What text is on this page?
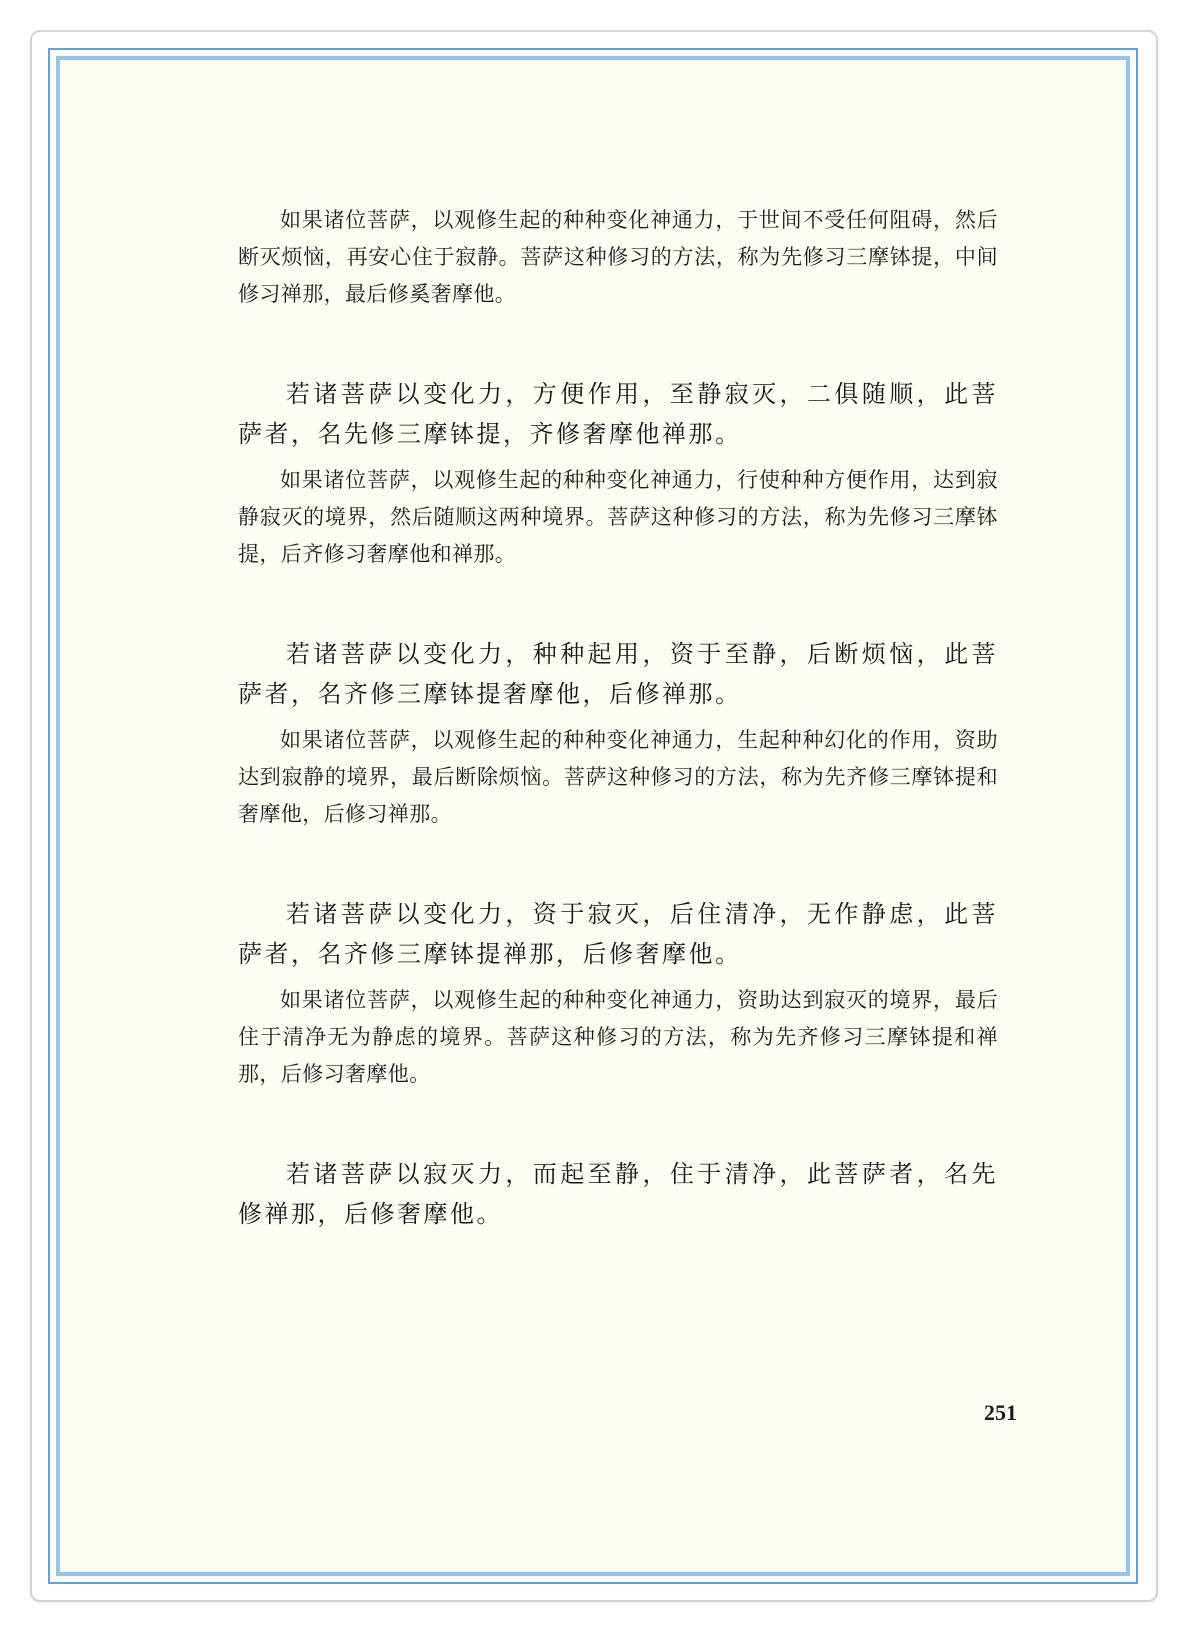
如果诸位菩萨，以观修生起的种种变化神通力，于世间不受任何阻碍，然后断灭烦恼，再安心住于寂静。菩萨这种修习的方法，称为先修习三摩钵提，中间修习禅那，最后修奚奢摩他。

若诸菩萨以变化力，方便作用，至静寂灭，二俱随顺，此菩萨者，名先修三摩钵提，齐修奢摩他禅那。

如果诸位菩萨，以观修生起的种种变化神通力，行使种种方便作用，达到寂静寂灭的境界，然后随顺这两种境界。菩萨这种修习的方法，称为先修习三摩钵提，后齐修习奢摩他和禅那。

若诸菩萨以变化力，种种起用，资于至静，后断烦恼，此菩萨者，名齐修三摩钵提奢摩他，后修禅那。

如果诸位菩萨，以观修生起的种种变化神通力，生起种种幻化的作用，资助达到寂静的境界，最后断除烦恼。菩萨这种修习的方法，称为先齐修三摩钵提和奢摩他，后修习禅那。

若诸菩萨以变化力，资于寂灭，后住清净，无作静虑，此菩萨者，名齐修三摩钵提禅那，后修奢摩他。

如果诸位菩萨，以观修生起的种种变化神通力，资助达到寂灭的境界，最后住于清净无为静虑的境界。菩萨这种修习的方法，称为先齐修习三摩钵提和禅那，后修习奢摩他。

若诸菩萨以寂灭力，而起至静，住于清净，此菩萨者，名先修禅那，后修奢摩他。

251
